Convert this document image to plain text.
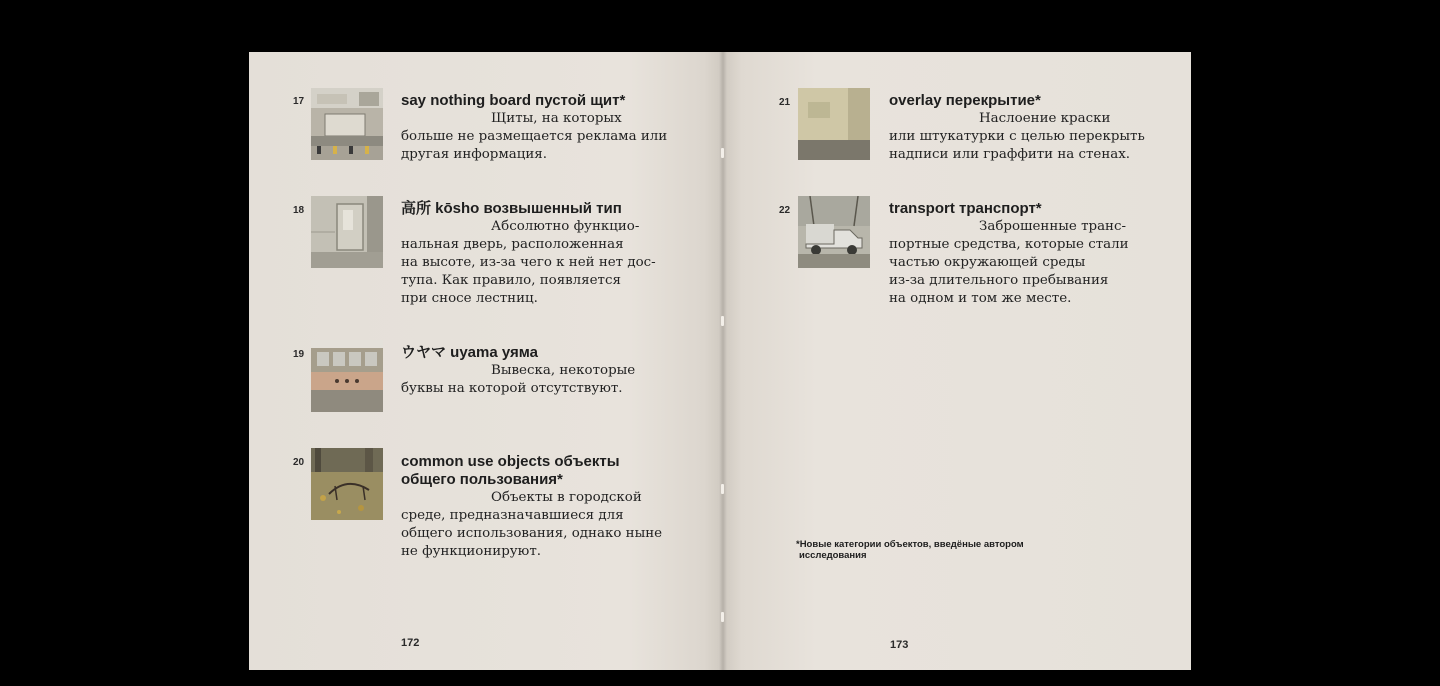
17	say nothing board пустой щит*
Щиты, на которых
больше не размещается реклама или
другая информация.
18	高所 kōsho возвышенный тип
Абсолютно функцио-
нальная дверь, расположенная
на высоте, из-за чего к ней нет дос-
тупа. Как правило, появляется
при сносе лестниц.
19	ウヤマ uyama уяма
Вывеска, некоторые
буквы на которой отсутствуют.
20	common use objects объекты
общего пользования*
Объекты в городской
среде, предназначавшиеся для
общего использования, однако ныне
не функционируют.
172
21	overlay перекрытие*
Наслоение краски
или штукатурки с целью перекрыть
надписи или граффити на стенах.
22	transport транспорт*
Заброшенные транс-
портные средства, которые стали
частью окружающей среды
из-за длительного пребывания
на одном и том же месте.
*Новые категории объектов, введёные автором
исследования
173
